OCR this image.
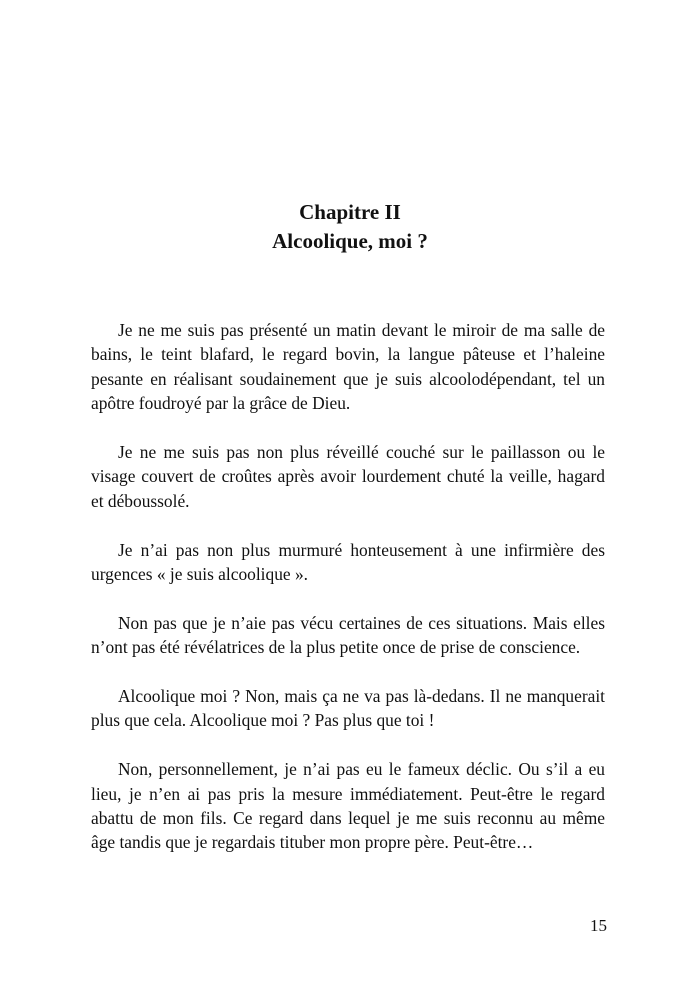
Chapitre II
Alcoolique, moi ?

Je ne me suis pas présenté un matin devant le miroir de ma salle de bains, le teint blafard, le regard bovin, la langue pâteuse et l’haleine pesante en réalisant soudainement que je suis alcoolodépendant, tel un apôtre foudroyé par la grâce de Dieu.

Je ne me suis pas non plus réveillé couché sur le paillasson ou le visage couvert de croûtes après avoir lourdement chuté la veille, hagard et déboussolé.

Je n’ai pas non plus murmuré honteusement à une infirmière des urgences « je suis alcoolique ».

Non pas que je n’aie pas vécu certaines de ces situations. Mais elles n’ont pas été révélatrices de la plus petite once de prise de conscience.

Alcoolique moi ? Non, mais ça ne va pas là-dedans. Il ne manquerait plus que cela. Alcoolique moi ? Pas plus que toi !

Non, personnellement, je n’ai pas eu le fameux déclic. Ou s’il a eu lieu, je n’en ai pas pris la mesure immédiatement. Peut-être le regard abattu de mon fils. Ce regard dans lequel je me suis reconnu au même âge tandis que je regardais tituber mon propre père. Peut-être…

15
